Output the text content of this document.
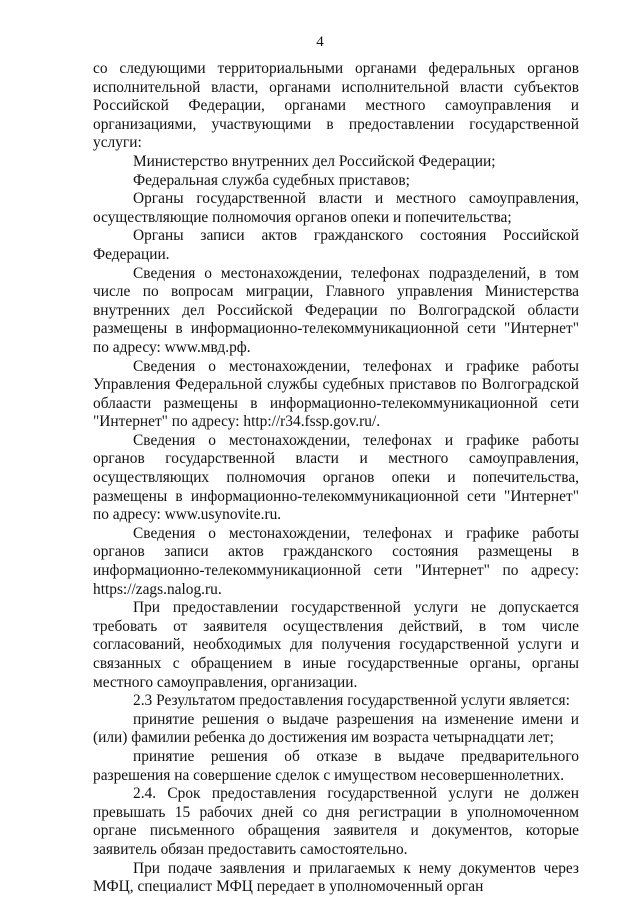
4

со следующими территориальными органами федеральных органов исполнительной власти, органами исполнительной власти субъектов Российской Федерации, органами местного самоуправления и организациями, участвующими в предоставлении государственной услуги:

Министерство внутренних дел Российской Федерации;

Федеральная служба судебных приставов;

Органы государственной власти и местного самоуправления, осуществляющие полномочия органов опеки и попечительства;

Органы записи актов гражданского состояния Российской Федерации.

Сведения о местонахождении, телефонах подразделений, в том числе по вопросам миграции, Главного управления Министерства внутренних дел Российской Федерации по Волгоградской области размещены в информационно-телекоммуникационной сети "Интернет" по адресу: www.мвд.рф.

Сведения о местонахождении, телефонах и графике работы Управления Федеральной службы судебных приставов по Волгоградской облаасти размещены в информационно-телекоммуникационной сети "Интернет" по адресу: http://r34.fssp.gov.ru/.

Сведения о местонахождении, телефонах и графике работы органов государственной власти и местного самоуправления, осуществляющих полномочия органов опеки и попечительства, размещены в информационно-телекоммуникационной сети "Интернет" по адресу: www.usynovite.ru.

Сведения о местонахождении, телефонах и графике работы органов записи актов гражданского состояния размещены в информационно-телекоммуникационной сети "Интернет" по адресу: https://zags.nalog.ru.

При предоставлении государственной услуги не допускается требовать от заявителя осуществления действий, в том числе согласований, необходимых для получения государственной услуги и связанных с обращением в иные государственные органы, органы местного самоуправления, организации.

2.3 Результатом предоставления государственной услуги является:

принятие решения о выдаче разрешения на изменение имени и (или) фамилии ребенка до достижения им возраста четырнадцати лет;

принятие решения об отказе в выдаче предварительного разрешения на совершение сделок с имуществом несовершеннолетних.

2.4. Срок предоставления государственной услуги не должен превышать 15 рабочих дней со дня регистрации в уполномоченном органе письменного обращения заявителя и документов, которые заявитель обязан предоставить самостоятельно.

При подаче заявления и прилагаемых к нему документов через МФЦ, специалист МФЦ передает в уполномоченный орган
